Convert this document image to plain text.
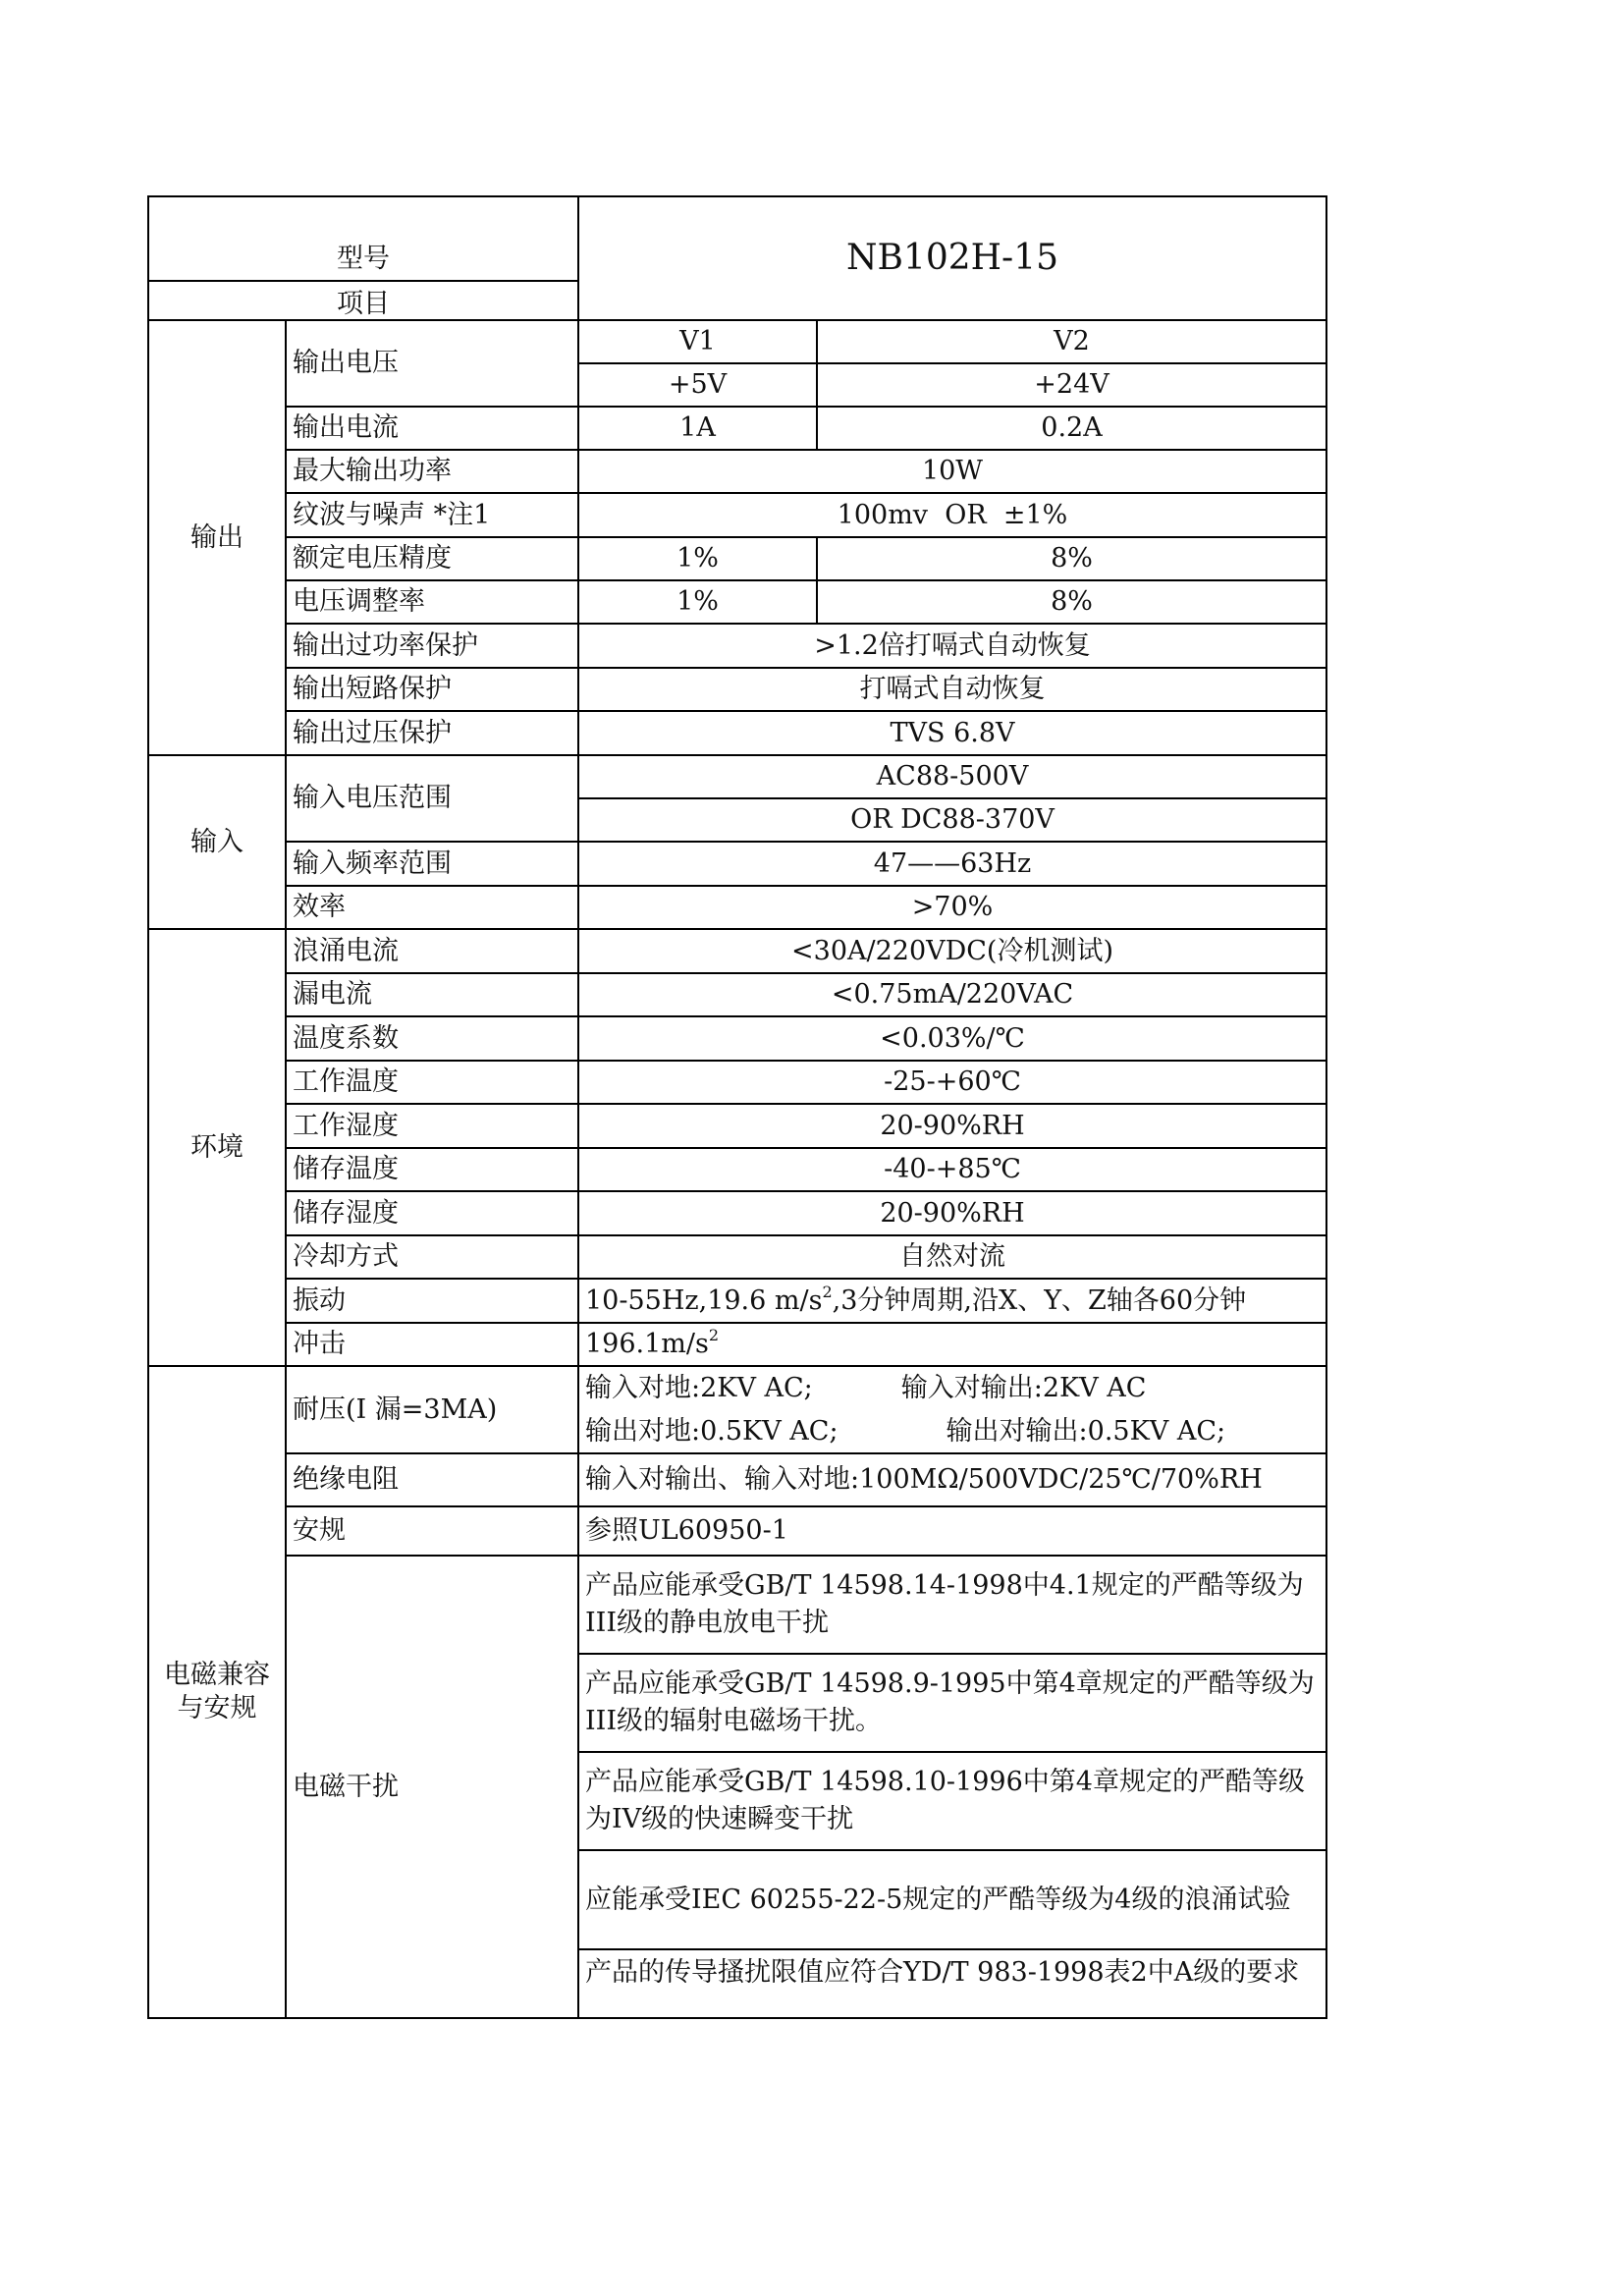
型号		NB102H-15	
项目			
输出	输出电压	V1	V2
		+5V	+24V
	输出电流	1A	0.2A
	最大输出功率	10W	
	纹波与噪声 *注1	100mv  OR  ±1%	
	额定电压精度	1%	8%
	电压调整率	1%	8%
	输出过功率保护	>1.2倍打嗝式自动恢复	
	输出短路保护	打嗝式自动恢复	
	输出过压保护	TVS 6.8V	
输入	输入电压范围	AC88-500V	
		OR DC88-370V	
	输入频率范围	47——63Hz	
	效率	>70%	
环境	浪涌电流	<30A/220VDC(冷机测试)	
	漏电流	<0.75mA/220VAC	
	温度系数	<0.03%/℃	
	工作温度	-25-+60℃	
	工作湿度	20-90%RH	
	储存温度	-40-+85℃	
	储存湿度	20-90%RH	
	冷却方式	自然对流	
	振动	10-55Hz,19.6 $m/s^2,3$分钟周期,沿X、Y、Z轴各60分钟	
	冲击	$196.1m/s^2$
电磁兼容与安规	耐压(I 漏=3MA)	输入对地:2KV AC; 输入对输出:2KV AC	
		输出对地:0.5KV AC; 输出对输出:0.5KV AC;	
	绝缘电阻	输入对输出、输入对地:100MΩ/500VDC/25℃/70%RH	
	安规	参照UL60950-1	
	电磁干扰	产品应能承受GB/T 14598.14-1998中4.1规定的严酷等级为III级的静电放电干扰	
		产品应能承受GB/T 14598.9-1995中第4章规定的严酷等级为III级的辐射电磁场干扰。	
		产品应能承受GB/T 14598.10-1996中第4章规定的严酷等级为IV级的快速瞬变干扰	
		应能承受IEC 60255-22-5规定的严酷等级为4级的浪涌试验	
		产品的传导搔扰限值应符合YD/T 983-1998表2中A级的要求	
